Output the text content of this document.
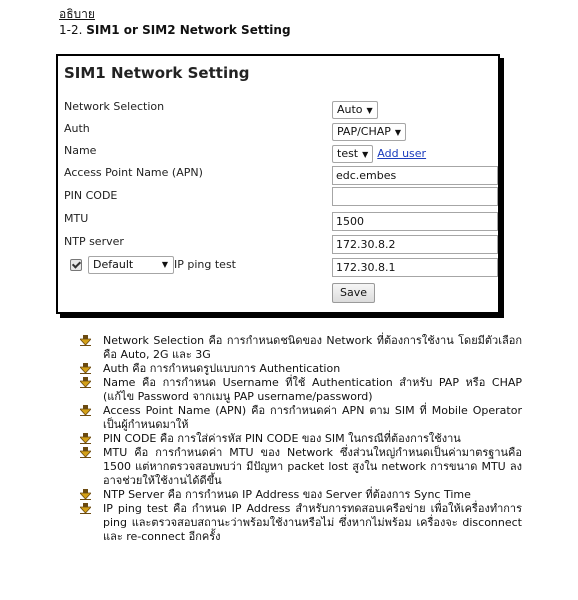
อธิบาย
1-2. SIM1 or SIM2 Network Setting
SIM1 Network Setting
Network Selection	Auto ▼
Auth	PAP/CHAP ▼
Name	test ▼ Add user
Access Point Name (APN)	edc.embes
PIN CODE
MTU	1500
NTP server	172.30.8.2
Default	▼ IP ping test	172.30.8.1
Save

Network Selection คือ การกำหนดชนิดของ Network ที่ต้องการใช้งาน โดยมีตัวเลือกคือ Auto, 2G และ 3G

Auth คือ การกำหนดรูปแบบการ Authentication

Name คือ การกำหนด Username ที่ใช้ Authentication สำหรับ PAP หรือ CHAP (แก้ไข Password จากเมนู PAP username/password)

Access Point Name (APN) คือ การกำหนดค่า APN ตาม SIM ที่ Mobile Operator เป็นผู้กำหนดมาให้

PIN CODE คือ การใส่ค่ารหัส PIN CODE ของ SIM ในกรณีที่ต้องการใช้งาน

MTU คือ การกำหนดค่า MTU ของ Network ซึ่งส่วนใหญ่กำหนดเป็นค่ามาตรฐานคือ 1500 แต่หากตรวจสอบพบว่า มีปัญหา packet lost สูงใน network การขนาด MTU ลง อาจช่วยให้ใช้งานได้ดีขึ้น

NTP Server คือ การกำหนด IP Address ของ Server ที่ต้องการ Sync Time

IP ping test คือ กำหนด IP Address สำหรับการทดสอบเครือข่าย เพื่อให้เครื่องทำการ ping และตรวจสอบสถานะว่าพร้อมใช้งานหรือไม่ ซึ่งหากไม่พร้อม เครื่องจะ disconnect และ re-connect อีกครั้ง
